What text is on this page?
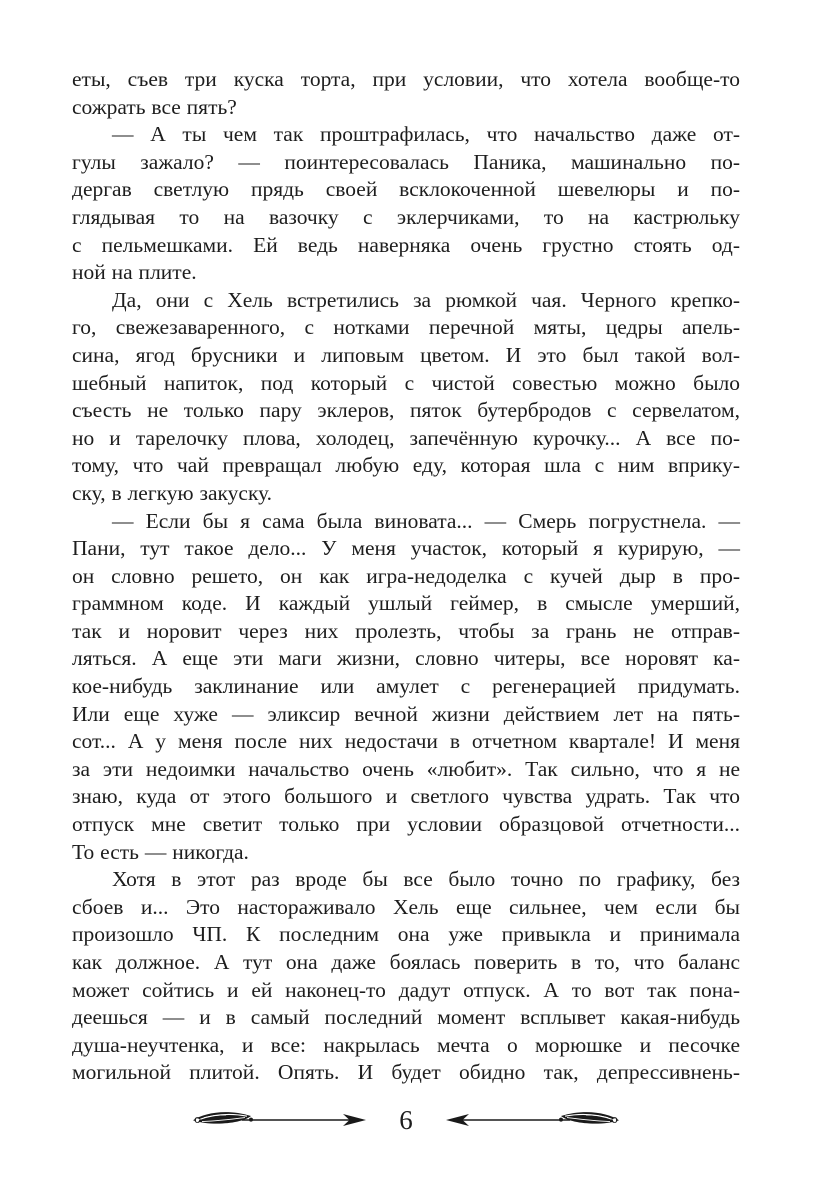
еты, съев три куска торта, при условии, что хотела вообще-то
сожрать все пять?
— А ты чем так проштрафилась, что начальство даже от-
гулы зажало? — поинтересовалась Паника, машинально по-
дергав светлую прядь своей всклокоченной шевелюры и по-
глядывая то на вазочку с эклерчиками, то на кастрюльку
с пельмешками. Ей ведь наверняка очень грустно стоять од-
ной на плите.
Да, они с Хель встретились за рюмкой чая. Черного крепко-
го, свежезаваренного, с нотками перечной мяты, цедры апель-
сина, ягод брусники и липовым цветом. И это был такой вол-
шебный напиток, под который с чистой совестью можно было
съесть не только пару эклеров, пяток бутербродов с сервелатом,
но и тарелочку плова, холодец, запечённую курочку... А все по-
тому, что чай превращал любую еду, которая шла с ним вприку-
ску, в легкую закуску.
— Если бы я сама была виновата... — Смерь погрустнела. —
Пани, тут такое дело... У меня участок, который я курирую, —
он словно решето, он как игра-недоделка с кучей дыр в про-
граммном коде. И каждый ушлый геймер, в смысле умерший,
так и норовит через них пролезть, чтобы за грань не отправ-
ляться. А еще эти маги жизни, словно читеры, все норовят ка-
кое-нибудь заклинание или амулет с регенерацией придумать.
Или еще хуже — эликсир вечной жизни действием лет на пять-
сот... А у меня после них недостачи в отчетном квартале! И меня
за эти недоимки начальство очень «любит». Так сильно, что я не
знаю, куда от этого большого и светлого чувства удрать. Так что
отпуск мне светит только при условии образцовой отчетности...
То есть — никогда.
Хотя в этот раз вроде бы все было точно по графику, без
сбоев и... Это настораживало Хель еще сильнее, чем если бы
произошло ЧП. К последним она уже привыкла и принимала
как должное. А тут она даже боялась поверить в то, что баланс
может сойтись и ей наконец-то дадут отпуск. А то вот так пона-
деешься — и в самый последний момент всплывет какая-нибудь
душа-неучтенка, и все: накрылась мечта о морюшке и песочке
могильной плитой. Опять. И будет обидно так, депрессивнень-
6
